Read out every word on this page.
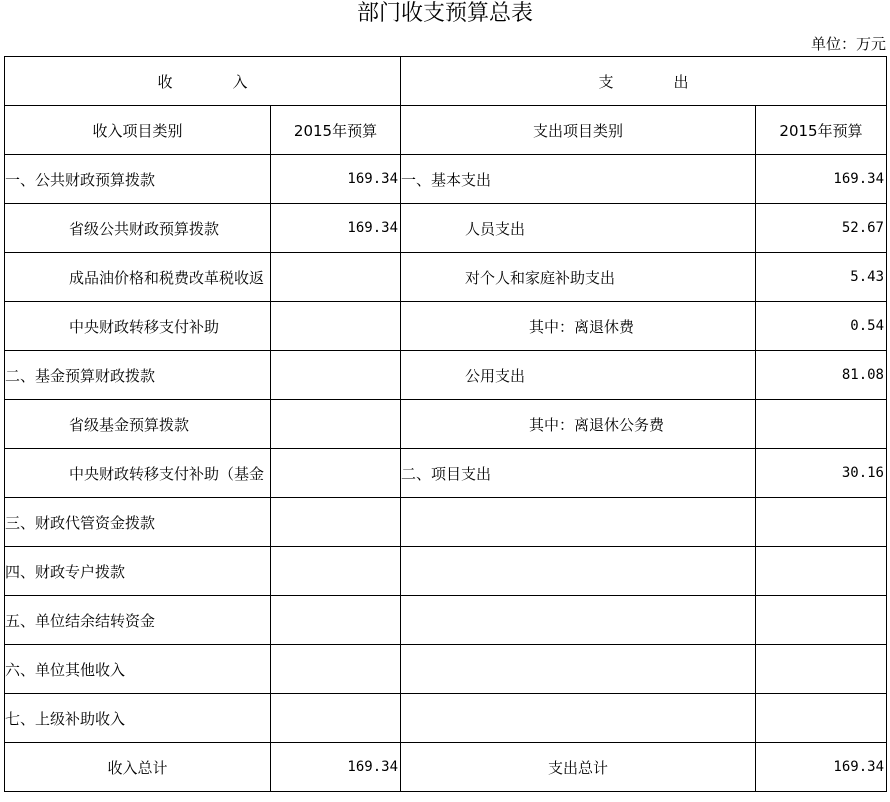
部门收支预算总表
单位：万元
收 入		支 出	
收入项目类别	2015年预算	支出项目类别	2015年预算
一、公共财政预算拨款	169.34	一、基本支出	169.34
省级公共财政预算拨款	169.34	人员支出	52.67
成品油价格和税费改革税收返		对个人和家庭补助支出	5.43
中央财政转移支付补助		其中：离退休费	0.54
二、基金预算财政拨款		公用支出	81.08
省级基金预算拨款		其中：离退休公务费	
中央财政转移支付补助（基金		二、项目支出	30.16
三、财政代管资金拨款			
四、财政专户拨款			
五、单位结余结转资金			
六、单位其他收入			
七、上级补助收入			
收入总计	169.34	支出总计	169.34
